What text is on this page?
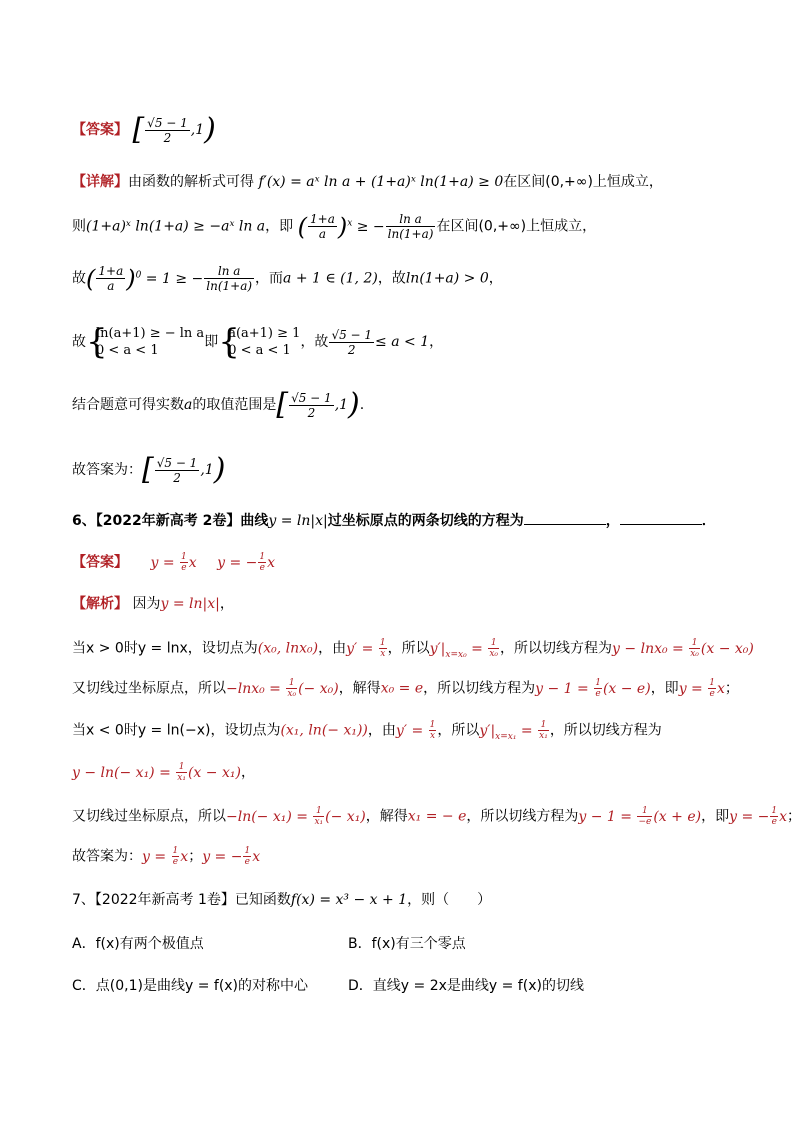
【答案】 [ $\frac{√5 - 1}{2} ,1$)
【详解】由函数的解析式可得 f′(x) = aˣ ln a + (1+a)ˣ ln(1+a) ≥ 0在区间(0,+∞)上恒成立，
则(1+a)ˣ ln(1+a) ≥ −aˣ ln a，即 ( $\frac{1+a}{a} )^x$ ≥ − $\frac{\text{ln a}}{\ln(1+a)}$ 在区间(0,+∞)上恒成立，
故( $\frac{1+a}{a} )^0 = 1$ ≥ − $\frac{\text{ln a}}{\ln(1+a)}$ ，而a + 1 ∈ (1, 2)，故ln(1+a) > 0，
故 {
ln(a+1) ≥ − ln a
0 < a < 1
即 {
a(a+1) ≥ 1
0 < a < 1
，故 $\frac{√5 - 1}{2} \le a < 1$，
结合题意可得实数a的取值范围是[ $\frac{√5 - 1}{2} ,1$).
故答案为：[ $\frac{√5 - 1}{2} ,1$)
6、【2022年新高考 2卷】曲线y = ln|x|过坐标原点的两条切线的方程为	，	．
【答案】 $y = \frac{1}{e}$ x y = − $\frac{1}{e}$ x
【解析】 因为y = ln|x|，
当x > 0时y = lnx，设切点为(x₀, lnx₀)，由$y' = \frac{1}{x}$ ，所以$y'|_{x=x_0} = \frac{1}{\text{x₀}}$ ，所以切线方程为$y - \ln x_0 = \frac{1}{\text{x₀}} (x - x_0)$
又切线过坐标原点，所以$-\ln x_0 = \frac{1}{\text{x₀}}$ (− x₀)，解得x₀ = e，所以切线方程为$y - 1 = \frac{1}{e} (x - e)$，即$y = \frac{1}{e}$ x；
当x < 0时y = ln(−x)，设切点为(x₁, ln(− x₁))，由$y' = \frac{1}{x}$ ，所以$y'|_{x=x_1} = \frac{1}{\text{x₁}}$ ，所以切线方程为
$y - \ln(- x_1) = \frac{1}{\text{x₁}} (x - x_1)$，
又切线过坐标原点，所以$-\ln(- x_1) = \frac{1}{\text{x₁}}$ (− x₁)，解得x₁ = − e，所以切线方程为$y - 1 = \frac{1}{-e} (x + e)$，即y = − $\frac{1}{e}$ x；
故答案为：$y = \frac{1}{e}$ x；y = − $\frac{1}{e}$ x
7、【2022年新高考 1卷】已知函数f(x) = x³ − x + 1，则（　　）
A．f(x)有两个极值点	B．f(x)有三个零点
C．点(0,1)是曲线y = f(x)的对称中心	D．直线y = 2x是曲线y = f(x)的切线
